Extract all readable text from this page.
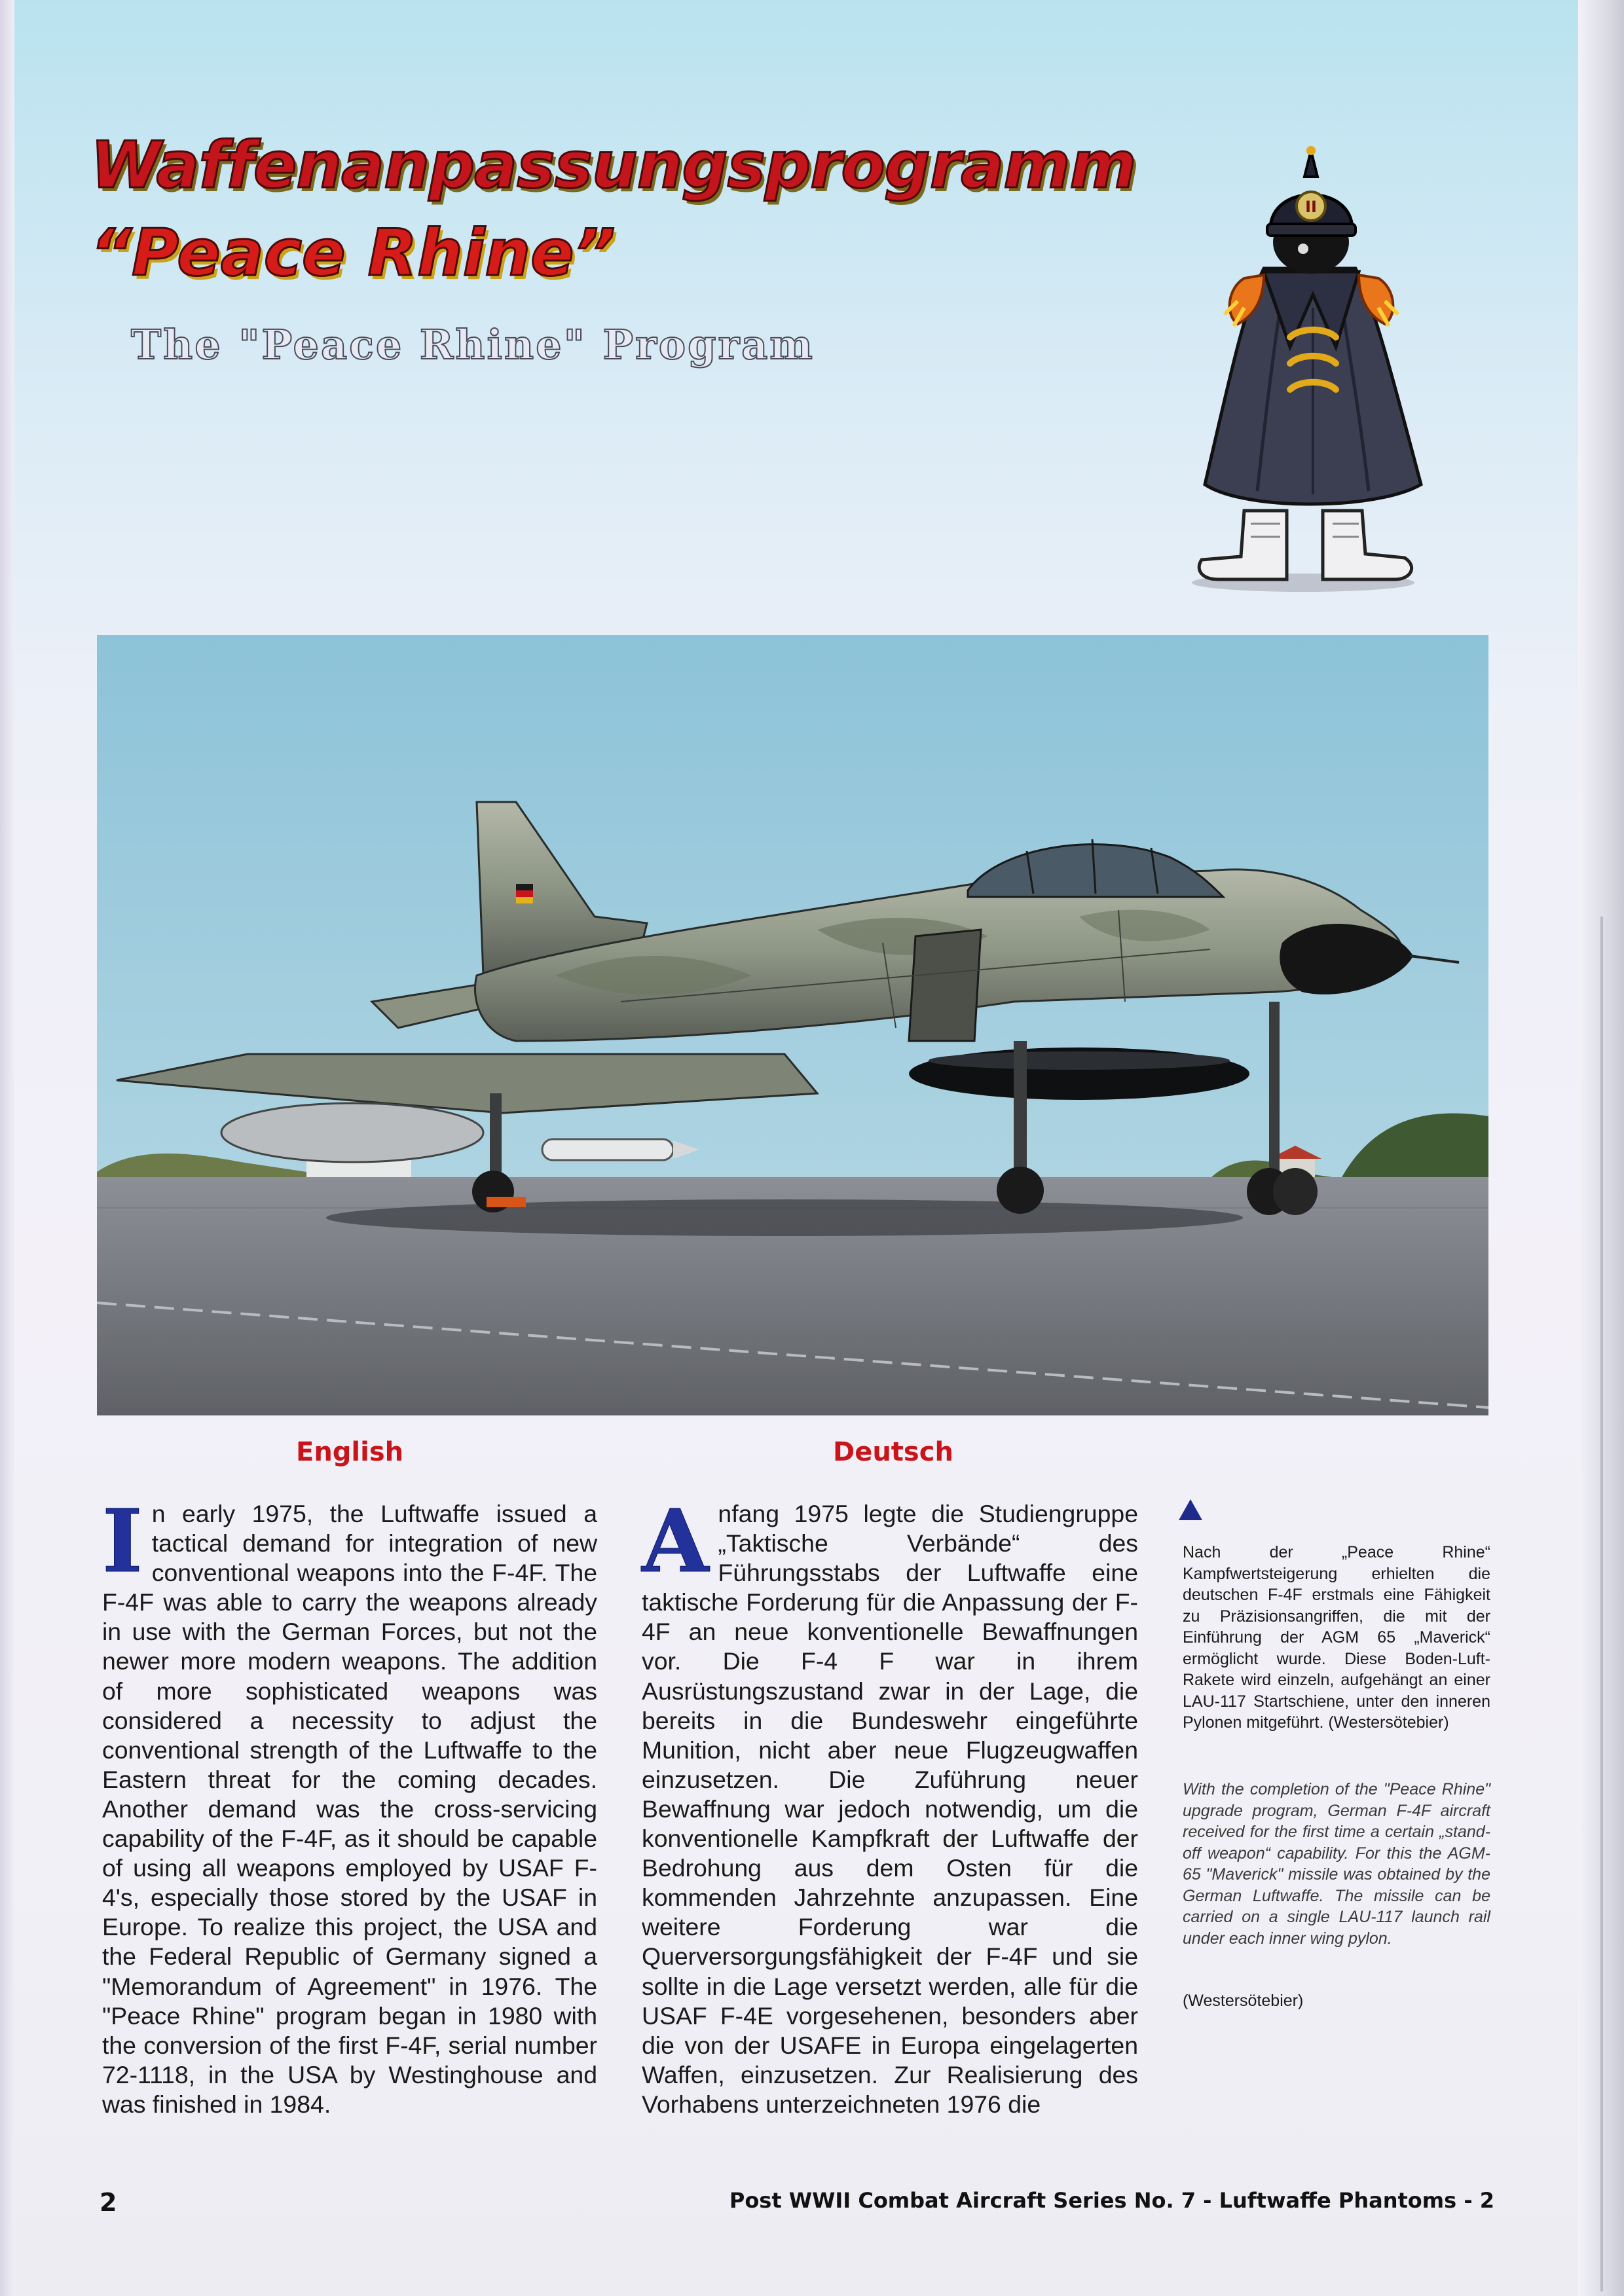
Waffenanpassungsprogramm
“Peace Rhine”
The "Peace Rhine" Program
II
English
In early 1975, the Luftwaffe issued a tactical demand for integration of new conventional weapons into the F-4F. The F-4F was able to carry the weapons already in use with the German Forces, but not the newer more modern weapons. The addition of more sophisticated weapons was considered a necessity to adjust the conventional strength of the Luftwaffe to the Eastern threat for the coming decades. Another demand was the cross-servicing capability of the F-4F, as it should be capable of using all weapons employed by USAF F-4's, especially those stored by the USAF in Europe. To realize this project, the USA and the Federal Republic of Germany signed a "Memorandum of Agreement" in 1976. The "Peace Rhine" program began in 1980 with the conversion of the first F-4F, serial number 72-1118, in the USA by Westinghouse and was finished in 1984.
Deutsch
Anfang 1975 legte die Studiengruppe „Taktische Verbände“ des Führungsstabs der Luftwaffe eine taktische Forderung für die Anpassung der F-4F an neue konventionelle Bewaffnungen vor. Die F-4 F war in ihrem Ausrüstungszustand zwar in der Lage, die bereits in die Bundeswehr eingeführte Munition, nicht aber neue Flugzeugwaffen einzusetzen. Die Zuführung neuer Bewaffnung war jedoch notwendig, um die konventionelle Kampfkraft der Luftwaffe der Bedrohung aus dem Osten für die kommenden Jahrzehnte anzupassen. Eine weitere Forderung war die Querversorgungsfähigkeit der F-4F und sie sollte in die Lage versetzt werden, alle für die USAF F-4E vorgesehenen, besonders aber die von der USAFE in Europa eingelagerten Waffen, einzusetzen. Zur Realisierung des Vorhabens unterzeichneten 1976 die

Nach der „Peace Rhine“ Kampfwertsteigerung erhielten die deutschen F-4F erstmals eine Fähigkeit zu Präzisionsangriffen, die mit der Einführung der AGM 65 „Maverick“ ermöglicht wurde. Diese Boden-Luft-Rakete wird einzeln, aufgehängt an einer LAU-117 Startschiene, unter den inneren Pylonen mitgeführt. (Westersötebier)

With the completion of the "Peace Rhine" upgrade program, German F-4F aircraft received for the first time a certain „stand-off weapon“ capability. For this the AGM-65 "Maverick" missile was obtained by the German Luftwaffe. The missile can be carried on a single LAU-117 launch rail under each inner wing pylon.

(Westersötebier)

2	Post WWII Combat Aircraft Series No. 7 - Luftwaffe Phantoms - 2
